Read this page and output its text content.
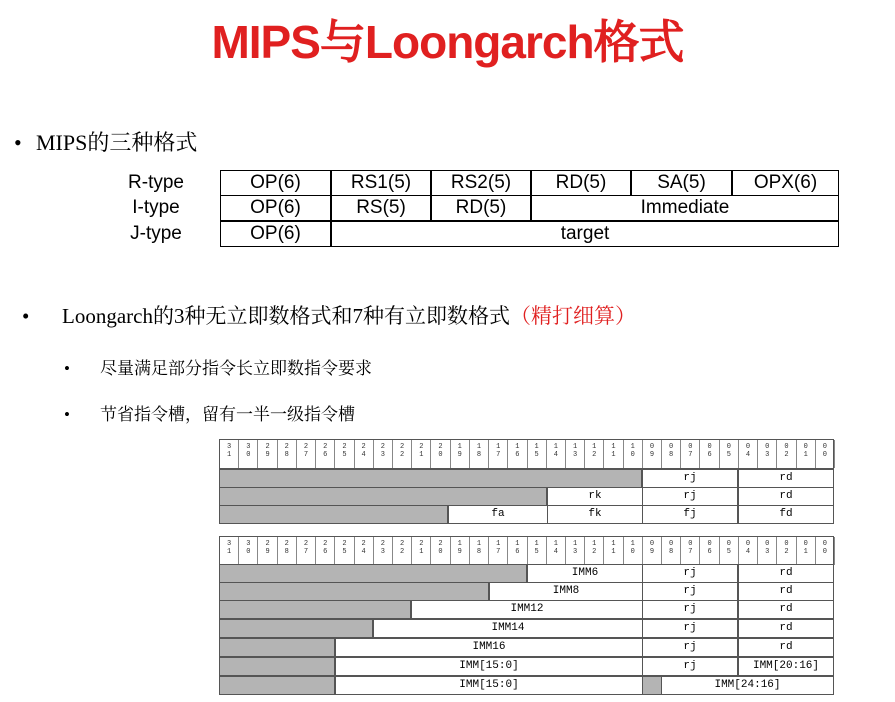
MIPS与Loongarch格式
• MIPS的三种格式
R-type	OP(6)	RS1(5)	RS2(5)	RD(5)	SA(5)	OPX(6)
I-type	OP(6)	RS(5)	RD(5)	Immediate
J-type	OP(6)	target
• Loongarch的3种无立即数格式和7种有立即数格式（精打细算）
• 尽量满足部分指令长立即数指令要求
• 节省指令槽，留有一半一级指令槽
3
1
3
0
2
9
2
8
2
7
2
6
2
5
2
4
2
3
2
2
2
1
2
0
1
9
1
8
1
7
1
6
1
5
1
4
1
3
1
2
1
1
1
0
0
9
0
8
0
7
0
6
0
5
0
4
0
3
0
2
0
1
0
0
rj	rd
rk	rj	rd
fa	fk	fj	fd
3
1
3
0
2
9
2
8
2
7
2
6
2
5
2
4
2
3
2
2
2
1
2
0
1
9
1
8
1
7
1
6
1
5
1
4
1
3
1
2
1
1
1
0
0
9
0
8
0
7
0
6
0
5
0
4
0
3
0
2
0
1
0
0
IMM6	rj	rd
IMM8	rj	rd
IMM12	rj	rd
IMM14	rj	rd
IMM16	rj	rd
IMM[15:0]	rj	IMM[20:16]
IMM[15:0]	IMM[24:16]
